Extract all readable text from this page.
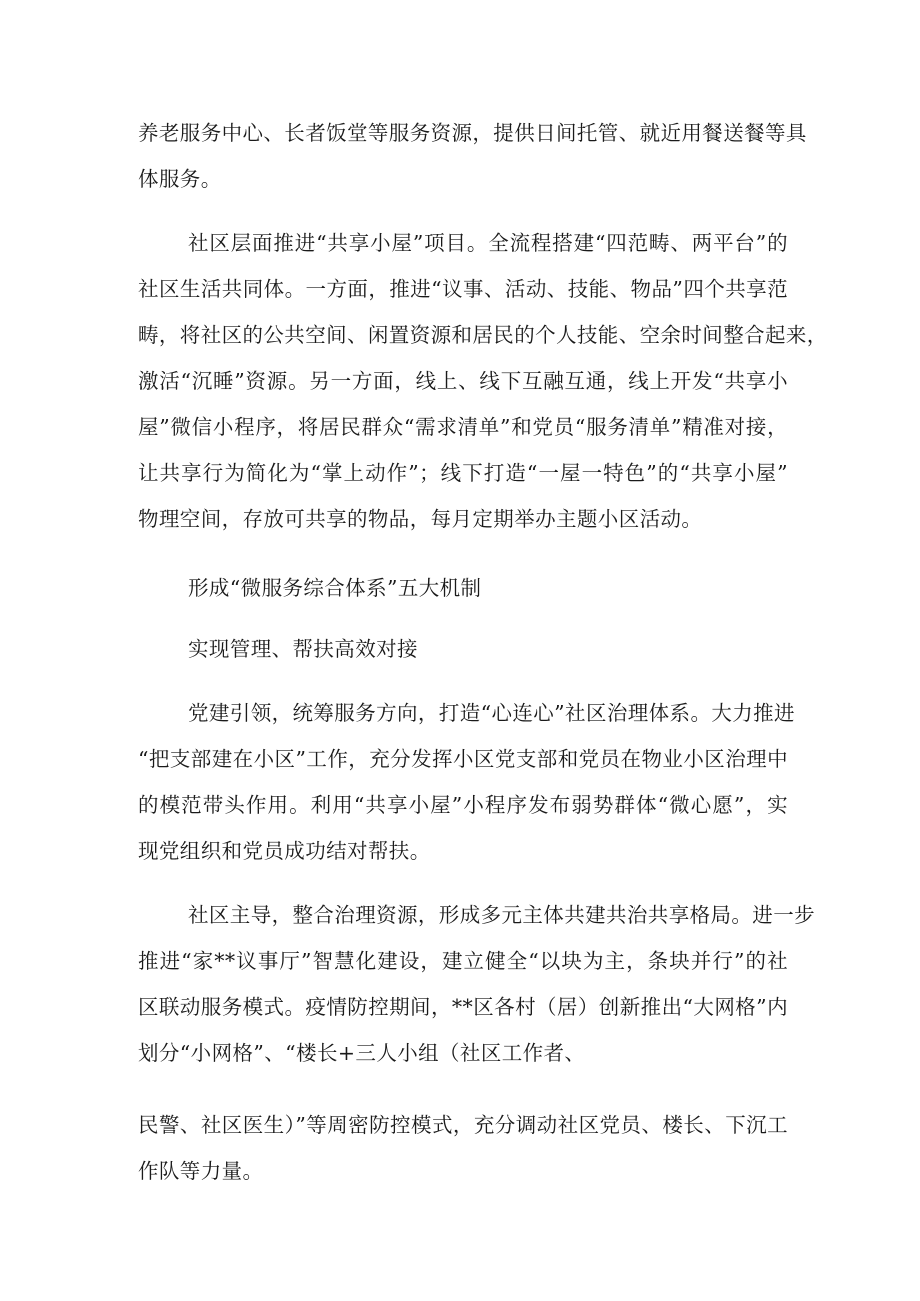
养老服务中心、长者饭堂等服务资源，提供日间托管、就近用餐送餐等具
体服务。
社区层面推进“共享小屋”项目。全流程搭建“四范畴、两平台”的
社区生活共同体。一方面，推进“议事、活动、技能、物品”四个共享范
畴，将社区的公共空间、闲置资源和居民的个人技能、空余时间整合起来，
激活“沉睡”资源。另一方面，线上、线下互融互通，线上开发“共享小
屋”微信小程序，将居民群众“需求清单”和党员“服务清单”精准对接，
让共享行为简化为“掌上动作”；线下打造“一屋一特色”的“共享小屋”
物理空间，存放可共享的物品，每月定期举办主题小区活动。
形成“微服务综合体系”五大机制
实现管理、帮扶高效对接
党建引领，统筹服务方向，打造“心连心”社区治理体系。大力推进
“把支部建在小区”工作，充分发挥小区党支部和党员在物业小区治理中
的模范带头作用。利用“共享小屋”小程序发布弱势群体“微心愿”，实
现党组织和党员成功结对帮扶。
社区主导，整合治理资源，形成多元主体共建共治共享格局。进一步
推进“家**议事厅”智慧化建设，建立健全“以块为主，条块并行”的社
区联动服务模式。疫情防控期间，**区各村（居）创新推出“大网格”内
划分“小网格”、“楼长+三人小组（社区工作者、
民警、社区医生）”等周密防控模式，充分调动社区党员、楼长、下沉工
作队等力量。
